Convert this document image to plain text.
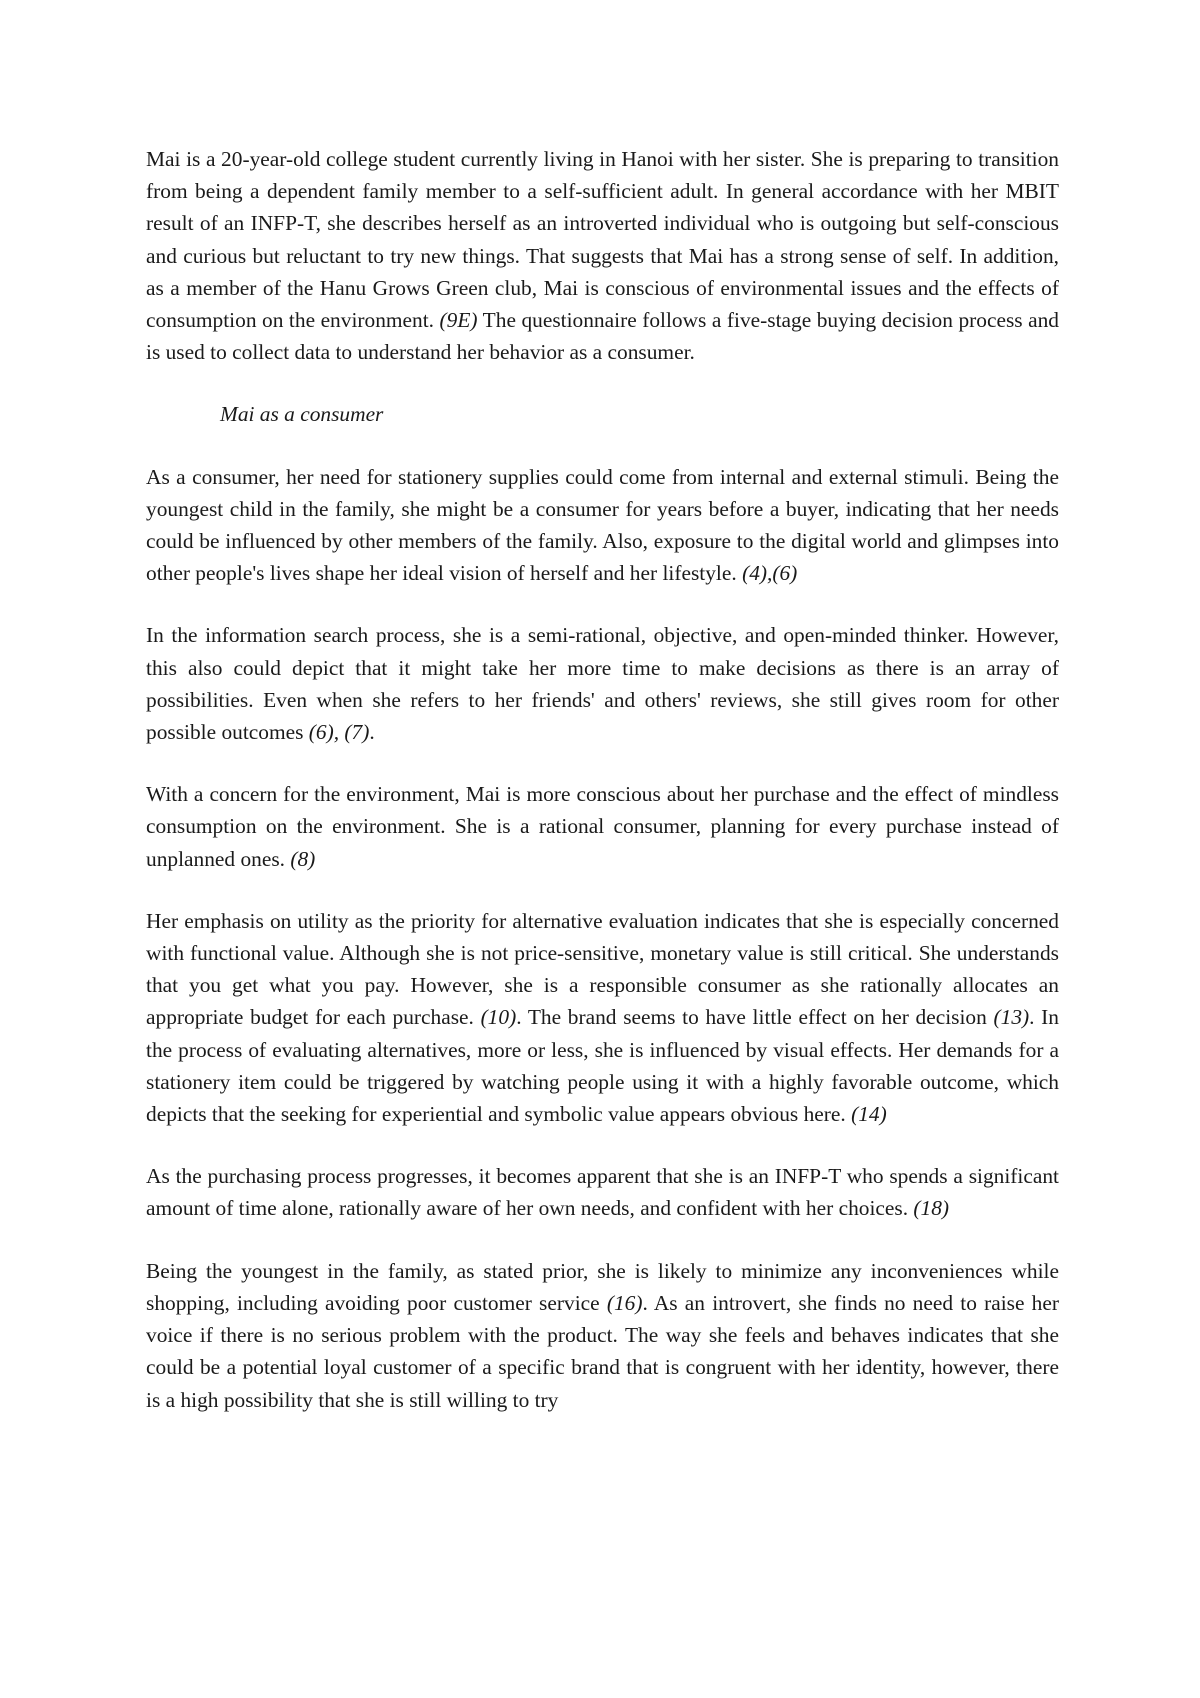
Mai is a 20-year-old college student currently living in Hanoi with her sister. She is preparing to transition from being a dependent family member to a self-sufficient adult. In general accordance with her MBIT result of an INFP-T, she describes herself as an introverted individual who is outgoing but self-conscious and curious but reluctant to try new things. That suggests that Mai has a strong sense of self. In addition, as a member of the Hanu Grows Green club, Mai is conscious of environmental issues and the effects of consumption on the environment. (9E) The questionnaire follows a five-stage buying decision process and is used to collect data to understand her behavior as a consumer.

Mai as a consumer

As a consumer, her need for stationery supplies could come from internal and external stimuli. Being the youngest child in the family, she might be a consumer for years before a buyer, indicating that her needs could be influenced by other members of the family. Also, exposure to the digital world and glimpses into other people's lives shape her ideal vision of herself and her lifestyle. (4),(6)

In the information search process, she is a semi-rational, objective, and open-minded thinker. However, this also could depict that it might take her more time to make decisions as there is an array of possibilities. Even when she refers to her friends' and others' reviews, she still gives room for other possible outcomes (6), (7).

With a concern for the environment, Mai is more conscious about her purchase and the effect of mindless consumption on the environment. She is a rational consumer, planning for every purchase instead of unplanned ones. (8)

Her emphasis on utility as the priority for alternative evaluation indicates that she is especially concerned with functional value. Although she is not price-sensitive, monetary value is still critical. She understands that you get what you pay. However, she is a responsible consumer as she rationally allocates an appropriate budget for each purchase. (10). The brand seems to have little effect on her decision (13). In the process of evaluating alternatives, more or less, she is influenced by visual effects. Her demands for a stationery item could be triggered by watching people using it with a highly favorable outcome, which depicts that the seeking for experiential and symbolic value appears obvious here. (14)

As the purchasing process progresses, it becomes apparent that she is an INFP-T who spends a significant amount of time alone, rationally aware of her own needs, and confident with her choices. (18)

Being the youngest in the family, as stated prior, she is likely to minimize any inconveniences while shopping, including avoiding poor customer service (16). As an introvert, she finds no need to raise her voice if there is no serious problem with the product. The way she feels and behaves indicates that she could be a potential loyal customer of a specific brand that is congruent with her identity, however, there is a high possibility that she is still willing to try
